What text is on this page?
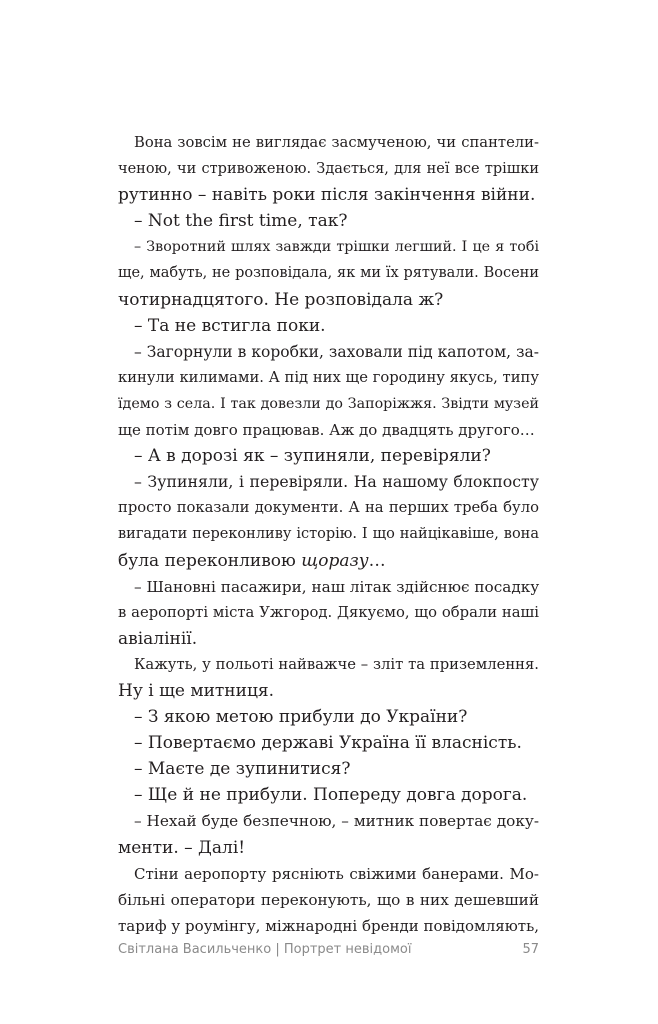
Вона зовсім не виглядає засмученою, чи спантели-
ченою, чи стривоженою. Здається, для неї все трішки
рутинно – навіть роки після закінчення війни.
– Not the first time, так?
– Зворотний шлях завжди трішки легший. І це я тобі
ще, мабуть, не розповідала, як ми їх рятували. Восени
чотирнадцятого. Не розповідала ж?
– Та не встигла поки.
– Загорнули в коробки, заховали під капотом, за-
кинули килимами. А під них ще городину якусь, типу
їдемо з села. І так довезли до Запоріжжя. Звідти музей
ще потім довго працював. Аж до двадцять другого…
– А в дорозі як – зупиняли, перевіряли?
– Зупиняли, і перевіряли. На нашому блокпосту
просто показали документи. А на перших треба було
вигадати переконливу історію. І що найцікавіше, вона
була переконливою щоразу…
– Шановні пасажири, наш літак здійснює посадку
в аеропорті міста Ужгород. Дякуємо, що обрали наші
авіалінії.
Кажуть, у польоті найважче – зліт та приземлення.
Ну і ще митниця.
– З якою метою прибули до України?
– Повертаємо державі Україна її власність.
– Маєте де зупинитися?
– Ще й не прибули. Попереду довга дорога.
– Нехай буде безпечною, – митник повертає доку-
менти. – Далі!
Стіни аеропорту рясніють свіжими банерами. Мо-
більні оператори переконують, що в них дешевший
тариф у роумінгу, міжнародні бренди повідомляють,
Світлана Васильченко | Портрет невідомої	57
